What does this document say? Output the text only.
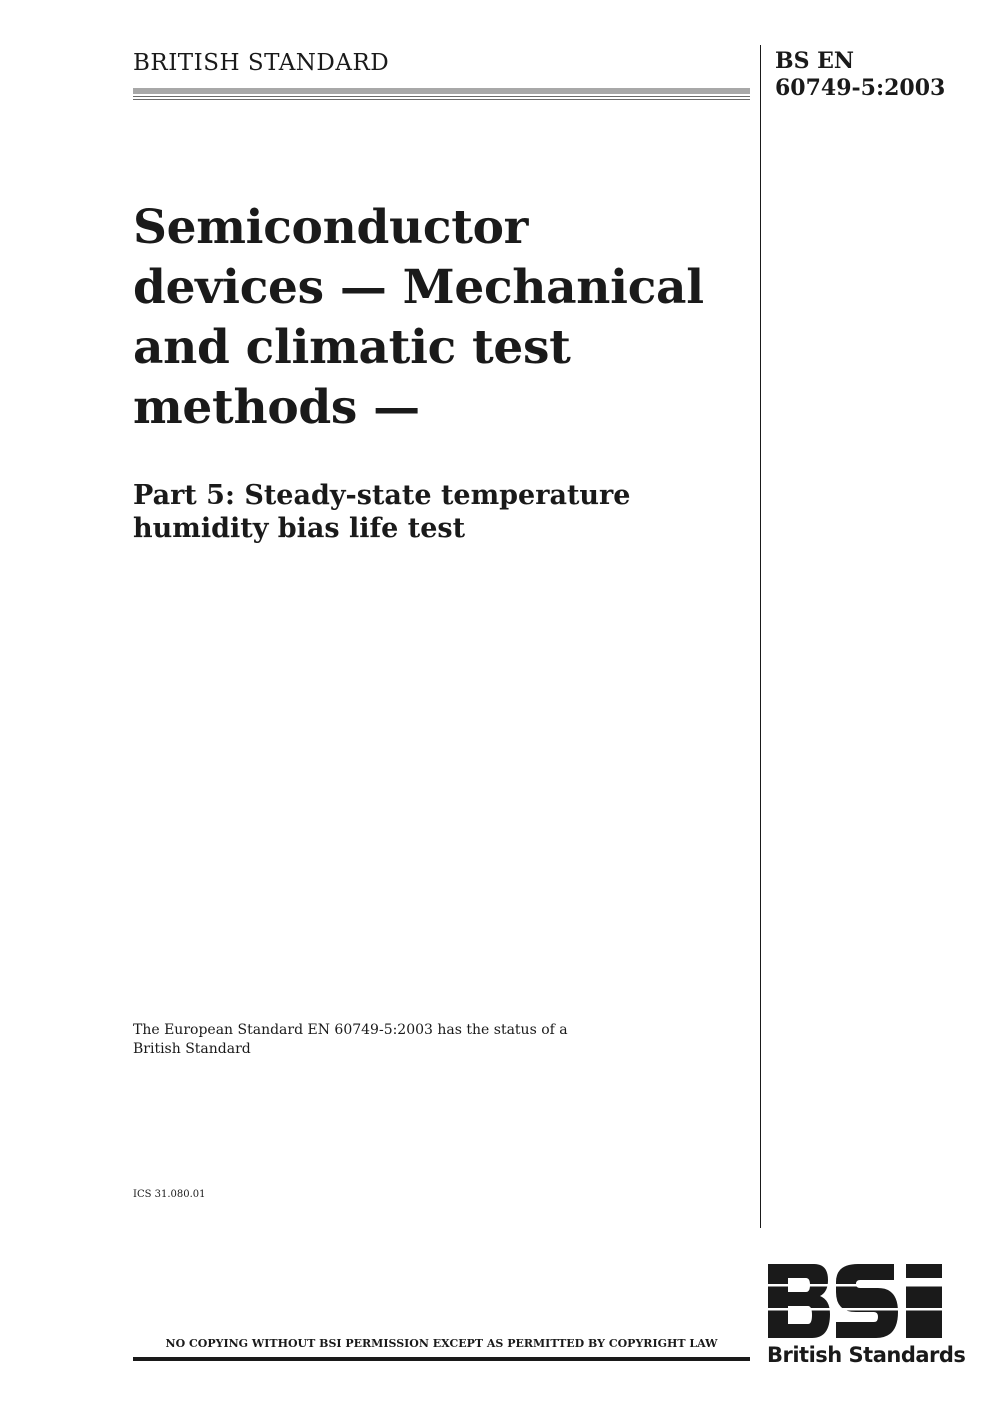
BRITISH STANDARD	BS EN
60749-5:2003
Semiconductor
devices — Mechanical
and climatic test
methods —
Part 5: Steady-state temperature
humidity bias life test
The European Standard EN 60749-5:2003 has the status of a
British Standard
ICS 31.080.01
NO COPYING WITHOUT BSI PERMISSION EXCEPT AS PERMITTED BY COPYRIGHT LAW	British Standards
